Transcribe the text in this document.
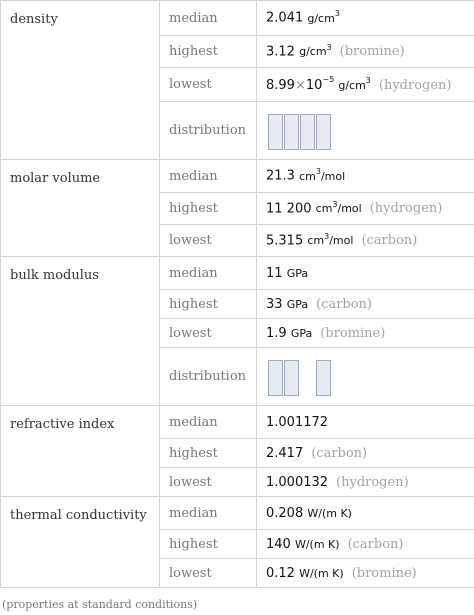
density	median	2.041 $g/cm^3$
	highest	3.12 $g/cm^3$ (bromine)
	lowest	$8.99\times 10^{-5}$ $g/cm^3$ (hydrogen)
	distribution	

molar volume	median	21.3 $cm^3$/mol
	highest	11 200 $cm^3$/mol (hydrogen)
	lowest	5.315 $cm^3$/mol (carbon)
bulk modulus	median	11 GPa
	highest	33 GPa (carbon)
	lowest	1.9 GPa (bromine)
	distribution	

refractive index	median	1.001172
	highest	2.417 (carbon)
	lowest	1.000132 (hydrogen)
thermal conductivity	median	0.208 W/(m K)
	highest	140 W/(m K) (carbon)
	lowest	0.12 W/(m K) (bromine)
(properties at standard conditions)
